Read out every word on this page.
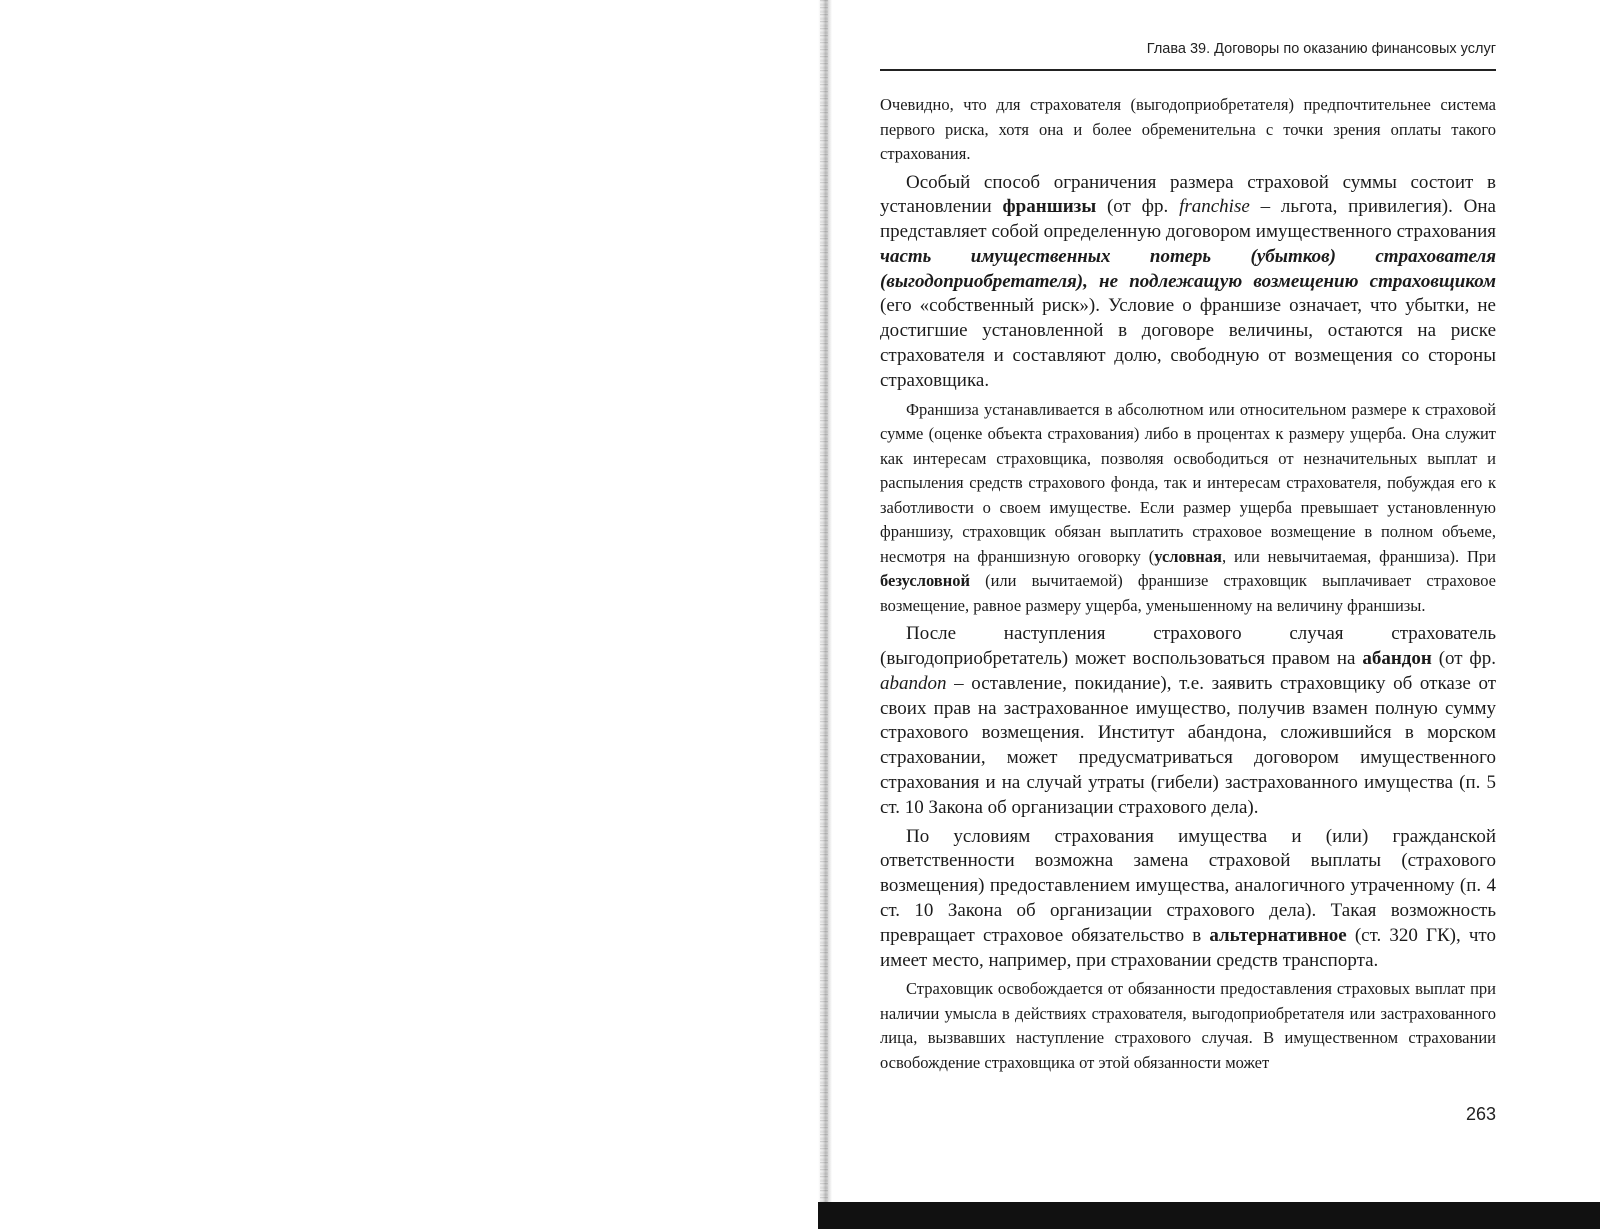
Глава 39. Договоры по оказанию финансовых услуг

Очевидно, что для страхователя (выгодоприобретателя) предпочтительнее система первого риска, хотя она и более обременительна с точки зрения оплаты такого страхования.

Особый способ ограничения размера страховой суммы состоит в установлении франшизы (от фр. franchise – льгота, привилегия). Она представляет собой определенную договором имущественного страхования часть имущественных потерь (убытков) страхователя (выгодоприобретателя), не подлежащую возмещению страховщиком (его «собственный риск»). Условие о франшизе означает, что убытки, не достигшие установленной в договоре величины, остаются на риске страхователя и составляют долю, свободную от возмещения со стороны страховщика.

Франшиза устанавливается в абсолютном или относительном размере к страховой сумме (оценке объекта страхования) либо в процентах к размеру ущерба. Она служит как интересам страховщика, позволяя освободиться от незначительных выплат и распыления средств страхового фонда, так и интересам страхователя, побуждая его к заботливости о своем имуществе. Если размер ущерба превышает установленную франшизу, страховщик обязан выплатить страховое возмещение в полном объеме, несмотря на франшизную оговорку (условная, или невычитаемая, франшиза). При безусловной (или вычитаемой) франшизе страховщик выплачивает страховое возмещение, равное размеру ущерба, уменьшенному на величину франшизы.

После наступления страхового случая страхователь (выгодоприобретатель) может воспользоваться правом на абандон (от фр. abandon – оставление, покидание), т.е. заявить страховщику об отказе от своих прав на застрахованное имущество, получив взамен полную сумму страхового возмещения. Институт абандона, сложившийся в морском страховании, может предусматриваться договором имущественного страхования и на случай утраты (гибели) застрахованного имущества (п. 5 ст. 10 Закона об организации страхового дела).

По условиям страхования имущества и (или) гражданской ответственности возможна замена страховой выплаты (страхового возмещения) предоставлением имущества, аналогичного утраченному (п. 4 ст. 10 Закона об организации страхового дела). Такая возможность превращает страховое обязательство в альтернативное (ст. 320 ГК), что имеет место, например, при страховании средств транспорта.

Страховщик освобождается от обязанности предоставления страховых выплат при наличии умысла в действиях страхователя, выгодоприобретателя или застрахованного лица, вызвавших наступление страхового случая. В имущественном страховании освобождение страховщика от этой обязанности может

263
